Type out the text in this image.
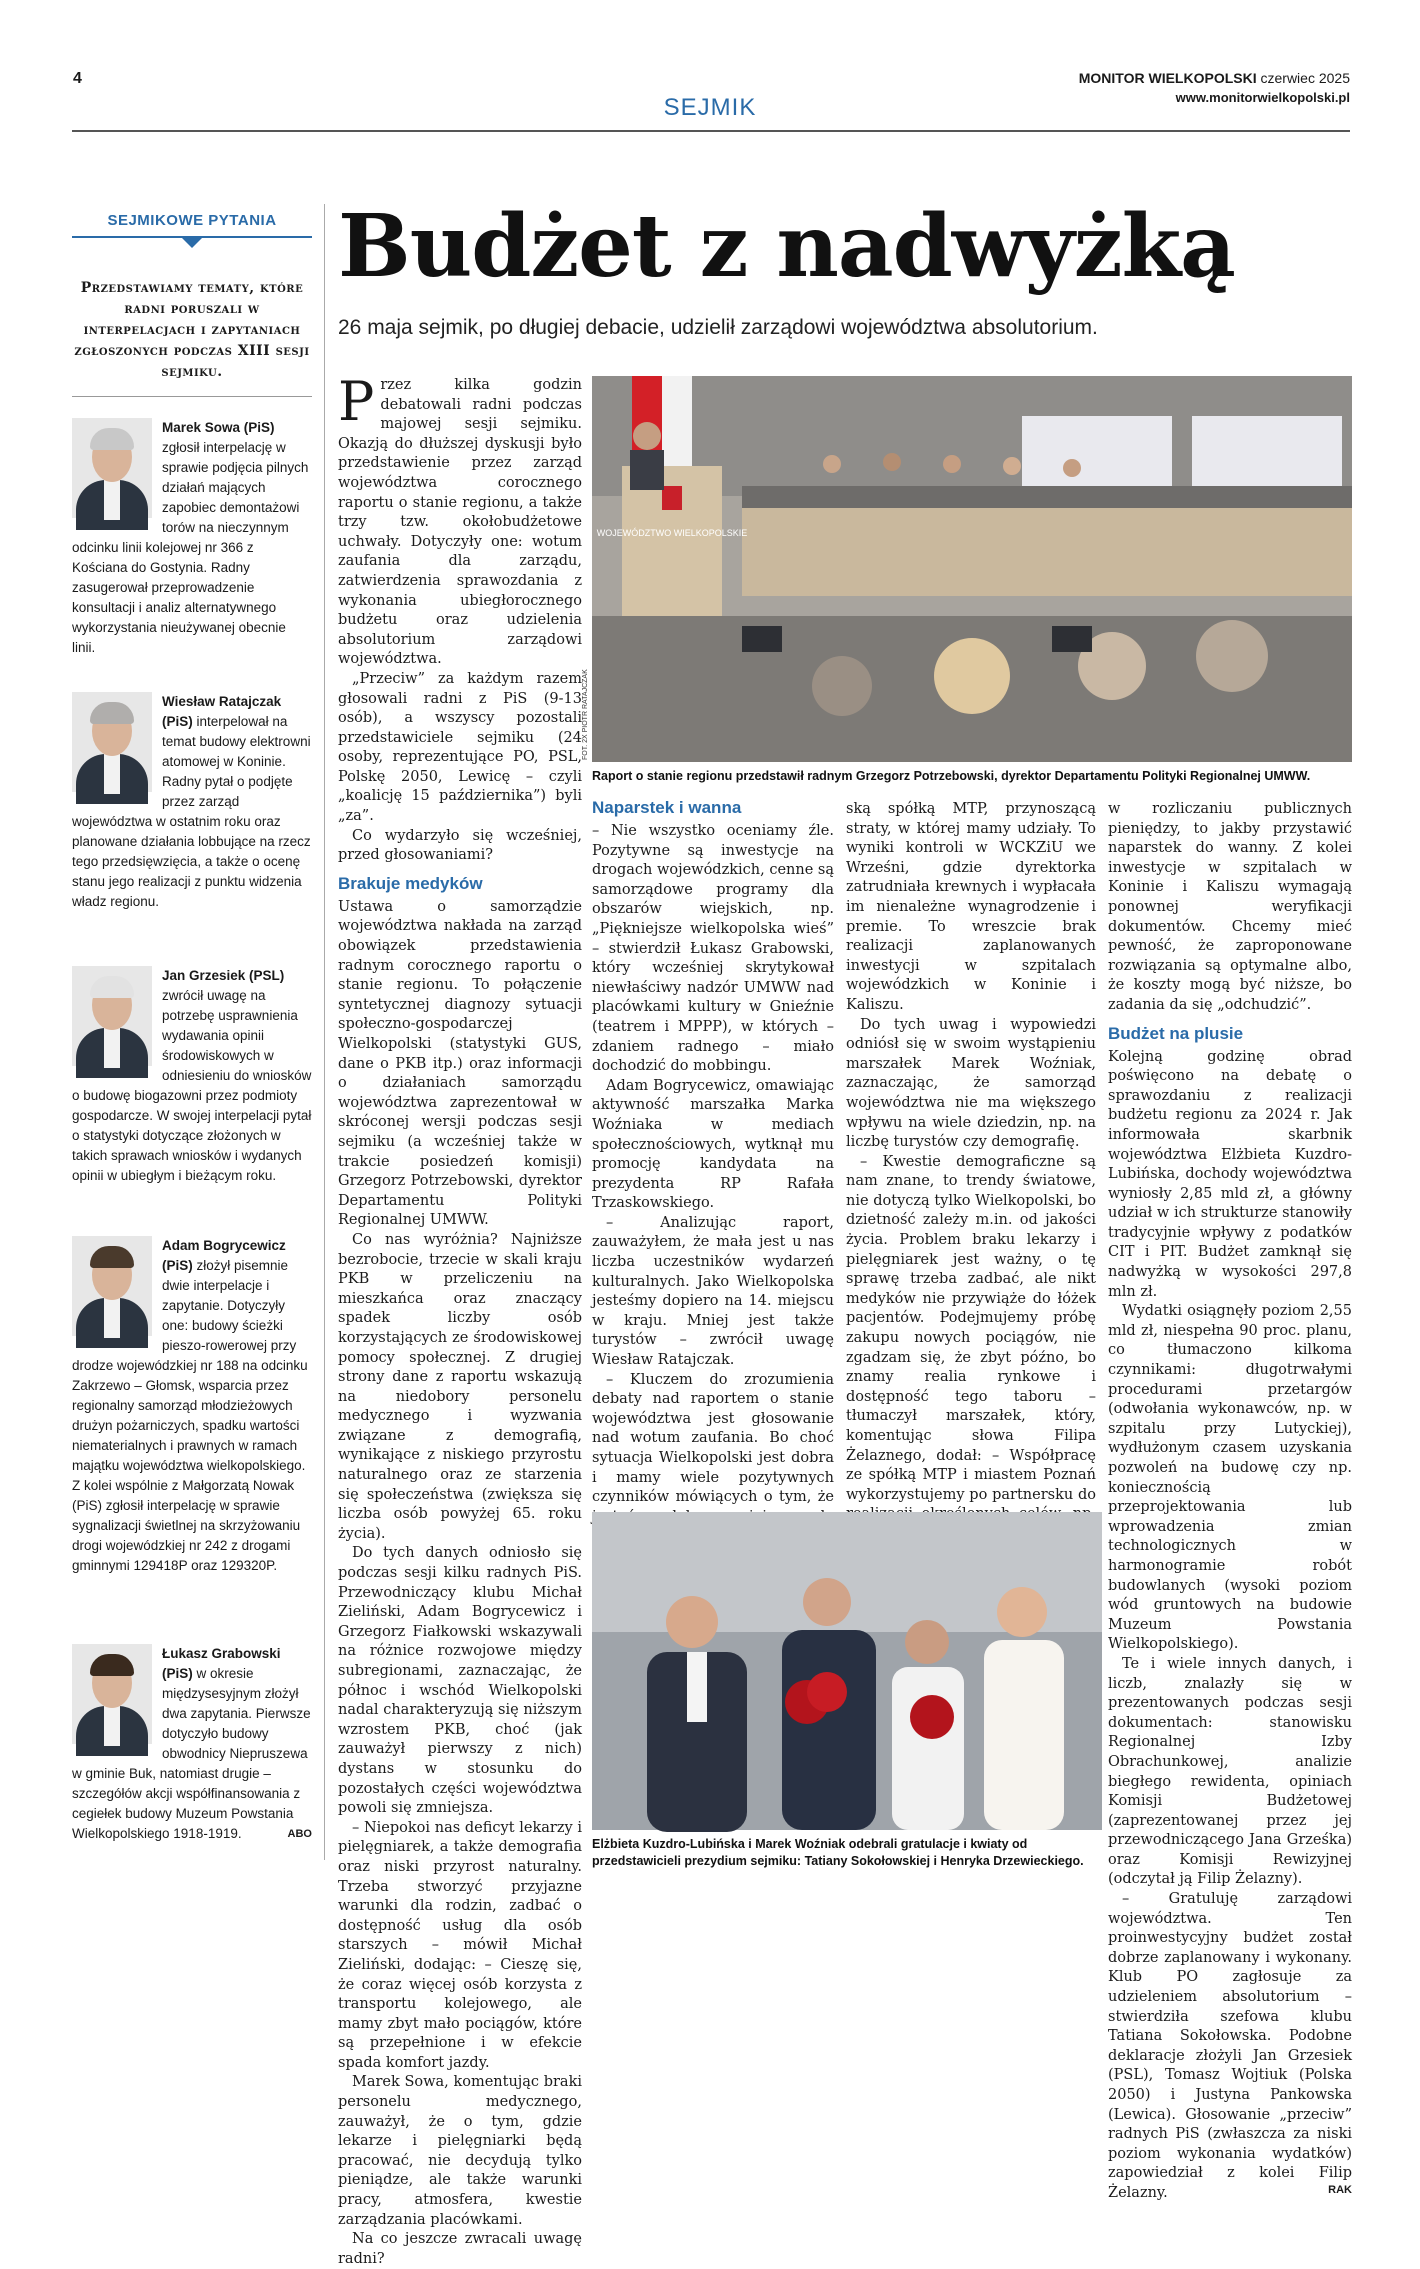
4	MONITOR WIELKOPOLSKI czerwiec 2025
www.monitorwielkopolski.pl
SEJMIK
SEJMIKOWE PYTANIA
Przedstawiamy tematy, które radni poruszali w interpelacjach i zapytaniach zgłoszonych podczas XIII sesji sejmiku.
Marek Sowa (PiS) zgłosił interpelację w sprawie podjęcia pilnych działań mających zapobiec demontażowi torów na nieczynnym odcinku linii kolejowej nr 366 z Kościana do Gostynia. Radny zasugerował przeprowadzenie konsultacji i analiz alternatywnego wykorzystania nieużywanej obecnie linii.
Wiesław Ratajczak (PiS) interpelował na temat budowy elektrowni atomowej w Koninie. Radny pytał o podjęte przez zarząd województwa w ostatnim roku oraz planowane działania lobbujące na rzecz tego przedsięwzięcia, a także o ocenę stanu jego realizacji z punktu widzenia władz regionu.
Jan Grzesiek (PSL) zwrócił uwagę na potrzebę usprawnienia wydawania opinii środowiskowych w odniesieniu do wniosków o budowę biogazowni przez podmioty gospodarcze. W swojej interpelacji pytał o statystyki dotyczące złożonych w takich sprawach wniosków i wydanych opinii w ubiegłym i bieżącym roku.
Adam Bogrycewicz (PiS) złożył pisemnie dwie interpelacje i zapytanie. Dotyczyły one: budowy ścieżki pieszo-rowerowej przy drodze wojewódzkiej nr 188 na odcinku Zakrzewo – Głomsk, wsparcia przez regionalny samorząd młodzieżowych drużyn pożarniczych, spadku wartości niematerialnych i prawnych w ramach majątku województwa wielkopolskiego. Z kolei wspólnie z Małgorzatą Nowak (PiS) zgłosił interpelację w sprawie sygnalizacji świetlnej na skrzyżowaniu drogi wojewódzkiej nr 242 z drogami gminnymi 129418P oraz 129320P.
Łukasz Grabowski (PiS) w okresie międzysesyjnym złożył dwa zapytania. Pierwsze dotyczyło budowy obwodnicy Niepruszewa w gminie Buk, natomiast drugie – szczegółów akcji współfinansowania z cegiełek budowy Muzeum Powstania Wielkopolskiego 1918-1919.	ABO
Budżet z nadwyżką
26 maja sejmik, po długiej debacie, udzielił zarządowi województwa absolutorium.

Przez kilka godzin debatowali radni podczas majowej sesji sejmiku. Okazją do dłuższej dyskusji było przedstawienie przez zarząd województwa corocznego raportu o stanie regionu, a także trzy tzw. okołobudżetowe uchwały. Dotyczyły one: wotum zaufania dla zarządu, zatwierdzenia sprawozdania z wykonania ubiegłorocznego budżetu oraz udzielenia absolutorium zarządowi województwa.

„Przeciw” za każdym razem głosowali radni z PiS (9-13 osób), a wszyscy pozostali przedstawiciele sejmiku (24 osoby, reprezentujące PO, PSL, Polskę 2050, Lewicę – czyli „koalicję 15 października”) byli „za”.

Co wydarzyło się wcześniej, przed głosowaniami?

Brakuje medyków

Ustawa o samorządzie województwa nakłada na zarząd obowiązek przedstawienia radnym corocznego raportu o stanie regionu. To połączenie syntetycznej diagnozy sytuacji społeczno-gospodarczej Wielkopolski (statystyki GUS, dane o PKB itp.) oraz informacji o działaniach samorządu województwa zaprezentował w skróconej wersji podczas sesji sejmiku (a wcześniej także w trakcie posiedzeń komisji) Grzegorz Potrzebowski, dyrektor Departamentu Polityki Regionalnej UMWW.

Co nas wyróżnia? Najniższe bezrobocie, trzecie w skali kraju PKB w przeliczeniu na mieszkańca oraz znaczący spadek liczby osób korzystających ze środowiskowej pomocy społecznej. Z drugiej strony dane z raportu wskazują na niedobory personelu medycznego i wyzwania związane z demografią, wynikające z niskiego przyrostu naturalnego oraz ze starzenia się społeczeństwa (zwiększa się liczba osób powyżej 65. roku życia).

Do tych danych odniosło się podczas sesji kilku radnych PiS. Przewodniczący klubu Michał Zieliński, Adam Bogrycewicz i Grzegorz Fiałkowski wskazywali na różnice rozwojowe między subregionami, zaznaczając, że północ i wschód Wielkopolski nadal charakteryzują się niższym wzrostem PKB, choć (jak zauważył pierwszy z nich) dystans w stosunku do pozostałych części województwa powoli się zmniejsza.

– Niepokoi nas deficyt lekarzy i pielęgniarek, a także demografia oraz niski przyrost naturalny. Trzeba stworzyć przyjazne warunki dla rodzin, zadbać o dostępność usług dla osób starszych – mówił Michał Zieliński, dodając: – Cieszę się, że coraz więcej osób korzysta z transportu kolejowego, ale mamy zbyt mało pociągów, które są przepełnione i w efekcie spada komfort jazdy.

Marek Sowa, komentując braki personelu medycznego, zauważył, że o tym, gdzie lekarze i pielęgniarki będą pracować, nie decydują tylko pieniądze, ale także warunki pracy, atmosfera, kwestie zarządzania placówkami.

Na co jeszcze zwracali uwagę radni?

WOJEWÓDZTWO WIELKOPOLSKIE
FOT. 2X PIOTR RATAJCZAK
Raport o stanie regionu przedstawił radnym Grzegorz Potrzebowski, dyrektor Departamentu Polityki Regionalnej UMWW.
Naparstek i wanna

– Nie wszystko oceniamy źle. Pozytywne są inwestycje na drogach wojewódzkich, cenne są samorządowe programy dla obszarów wiejskich, np. „Piękniejsze wielkopolska wieś” – stwierdził Łukasz Grabowski, który wcześniej skrytykował niewłaściwy nadzór UMWW nad placówkami kultury w Gnieźnie (teatrem i MPPP), w których – zdaniem radnego – miało dochodzić do mobbingu.

Adam Bogrycewicz, omawiając aktywność marszałka Marka Woźniaka w mediach społecznościowych, wytknął mu promocję kandydata na prezydenta RP Rafała Trzaskowskiego.

– Analizując raport, zauważyłem, że mała jest u nas liczba uczestników wydarzeń kulturalnych. Jako Wielkopolska jesteśmy dopiero na 14. miejscu w kraju. Mniej jest także turystów – zwrócił uwagę Wiesław Ratajczak.

– Kluczem do zrozumienia debaty nad raportem o stanie województwa jest głosowanie nad wotum zaufania. Bo choć sytuacja Wielkopolski jest dobra i mamy wiele pozytywnych czynników mówiących o tym, że

ską spółką MTP, przynoszącą straty, w której mamy udziały. To wyniki kontroli w WCKZiU we Wrześni, gdzie dyrektorka zatrudniała krewnych i wypłacała im nienależne wynagrodzenie i premie. To wreszcie brak realizacji zaplanowanych inwestycji w szpitalach wojewódzkich w Koninie i Kaliszu.

Do tych uwag i wypowiedzi odniósł się w swoim wystąpieniu marszałek Marek Woźniak, zaznaczając, że samorząd województwa nie ma większego wpływu na wiele dziedzin, np. na liczbę turystów czy demografię.

– Kwestie demograficzne są nam znane, to trendy światowe, nie dotyczą tylko Wielkopolski, bo dzietność zależy m.in. od jakości życia. Problem braku lekarzy i pielęgniarek jest ważny, o tę sprawę trzeba zadbać, ale nikt medyków nie przywiąże do łóżek pacjentów. Podejmujemy próbę zakupu nowych pociągów, nie zgadzam się, że zbyt późno, bo znamy realia rynkowe i dostępność tego taboru – tłumaczył marszałek, który, komentując słowa Filipa Żelaznego, dodał: – Współpracę ze spółką MTP i miastem Poznań wykorzystujemy po partnersku do

Elżbieta Kuzdro-Lubińska i Marek Woźniak odebrali gratulacje i kwiaty od przedstawicieli prezydium sejmiku: Tatiany Sokołowskiej i Henryka Drzewieckiego.

w rozliczaniu publicznych pieniędzy, to jakby przystawić naparstek do wanny. Z kolei inwestycje w szpitalach w Koninie i Kaliszu wymagają ponownej weryfikacji dokumentów. Chcemy mieć pewność, że zaproponowane rozwiązania są optymalne albo, że koszty mogą być niższe, bo zadania da się „odchudzić”.

Budżet na plusie

Kolejną godzinę obrad poświęcono na debatę o sprawozdaniu z realizacji budżetu regionu za 2024 r. Jak informowała skarbnik województwa Elżbieta Kuzdro-Lubińska, dochody województwa wyniosły 2,85 mld zł, a główny udział w ich strukturze stanowiły tradycyjnie wpływy z podatków CIT i PIT. Budżet zamknął się nadwyżką w wysokości 297,8 mln zł.

Wydatki osiągnęły poziom 2,55 mld zł, niespełna 90 proc. planu, co tłumaczono kilkoma czynnikami: długotrwałymi procedurami przetargów (odwołania wykonawców, np. w szpitalu przy Lutyckiej), wydłużonym czasem uzyskania pozwoleń na budowę czy np. koniecznością przeprojektowania lub wprowadzenia zmian technologicznych w harmonogramie robót budowlanych (wysoki poziom wód gruntowych na budowie Muzeum Powstania Wielkopolskiego).

Te i wiele innych danych, i liczb, znalazły się w prezentowanych podczas sesji dokumentach: stanowisku Regionalnej Izby Obrachunkowej, analizie biegłego rewidenta, opiniach Komisji Budżetowej (zaprezentowanej przez jej przewodniczącego Jana Grześka) oraz Komisji Rewizyjnej (odczytał ją Filip Żelazny).

– Gratuluję zarządowi województwa. Ten proinwestycyjny budżet został dobrze zaplanowany i wykonany. Klub PO zagłosuje za udzieleniem absolutorium – stwierdziła szefowa klubu Tatiana Sokołowska. Podobne deklaracje złożyli Jan Grzesiek (PSL), Tomasz Wojtiuk (Polska 2050) i Justyna Pankowska (Lewica). Głosowanie „przeciw” radnych PiS (zwłaszcza za niski poziom wykonania wydatków) zapowiedział z kolei Filip Żelazny.	RAK
